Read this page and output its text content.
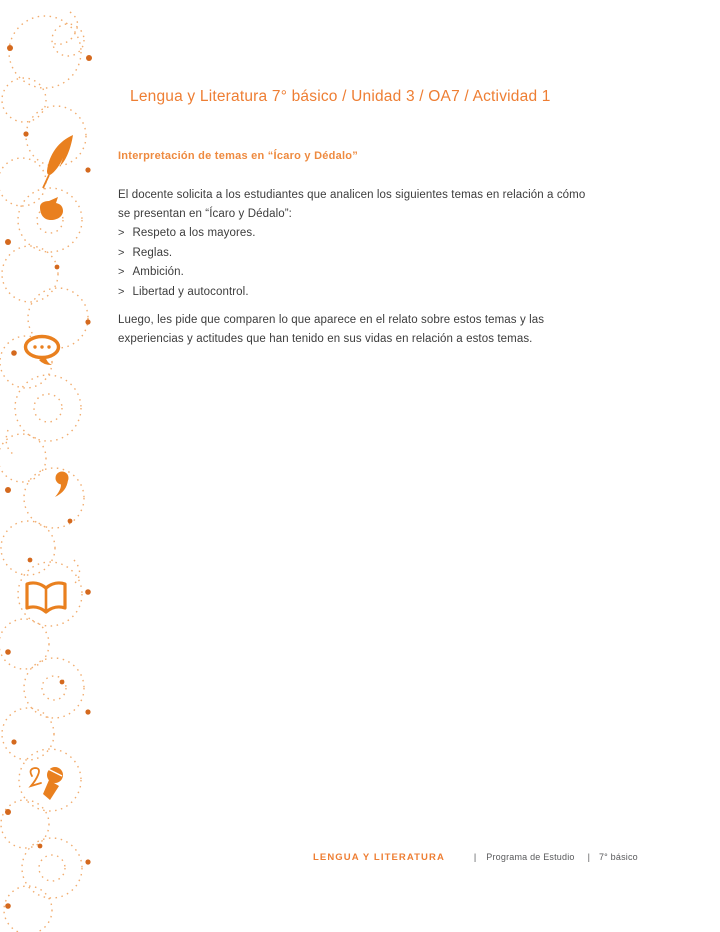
Lengua y Literatura 7° básico / Unidad 3 / OA7 / Actividad 1
Interpretación de temas en “Ícaro y Dédalo”

El docente solicita a los estudiantes que analicen los siguientes temas en relación a cómo se presentan en “Ícaro y Dédalo”:

> Respeto a los mayores.
> Reglas.
> Ambición.
> Libertad y autocontrol.

Luego, les pide que comparen lo que aparece en el relato sobre estos temas y las experiencias y actitudes que han tenido en sus vidas en relación a estos temas.

LENGUA Y LITERATURA	| Programa de Estudio | 7° básico
